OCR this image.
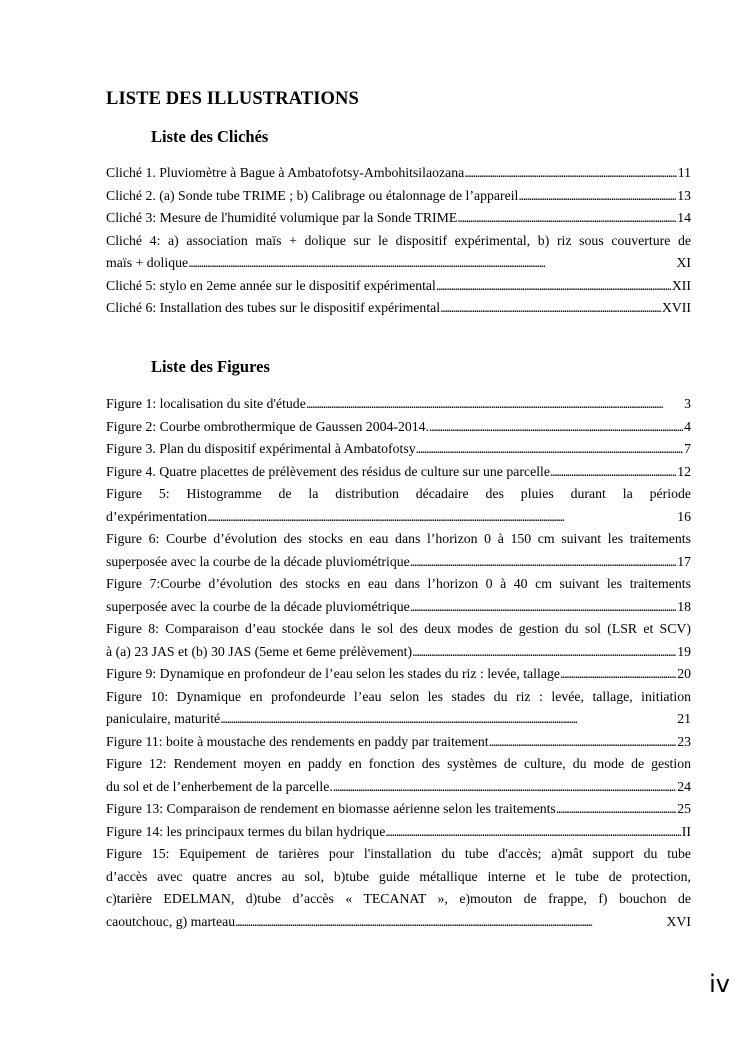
LISTE DES ILLUSTRATIONS
Liste des Clichés
Cliché 1. Pluviomètre à Bague à Ambatofotsy-Ambohitsilaozana . . .	11
Cliché 2. (a) Sonde tube TRIME ; b) Calibrage ou étalonnage de l’appareil . . .	13
Cliché 3: Mesure de l'humidité volumique par la Sonde TRIME . . .	14
Cliché 4: a) association maïs + dolique sur le dispositif expérimental, b) riz sous couverture de
maïs + dolique . . .	XI
Cliché 5: stylo en 2eme année sur le dispositif expérimental . . .	XII
Cliché 6: Installation des tubes sur le dispositif expérimental . . .	XVII
Liste des Figures
Figure 1: localisation du site d'étude . . .	3
Figure 2: Courbe ombrothermique de Gaussen 2004-2014. . . .	4
Figure 3. Plan du dispositif expérimental à Ambatofotsy . . .	7
Figure 4. Quatre placettes de prélèvement des résidus de culture sur une parcelle . . .	12
Figure 5: Histogramme de la distribution décadaire des pluies durant la période
d’expérimentation . . .	16
Figure 6: Courbe d’évolution des stocks en eau dans l’horizon 0 à 150 cm suivant les traitements
superposée avec la courbe de la décade pluviométrique . . .	17
Figure 7:Courbe d’évolution des stocks en eau dans l’horizon 0 à 40 cm suivant les traitements
superposée avec la courbe de la décade pluviométrique . . .	18
Figure 8: Comparaison d’eau stockée dans le sol des deux modes de gestion du sol (LSR et SCV)
à (a) 23 JAS et (b) 30 JAS (5eme et 6eme prélèvement) . . .	19
Figure 9: Dynamique en profondeur de l’eau selon les stades du riz : levée, tallage . . .	20
Figure 10: Dynamique en profondeurde l’eau selon les stades du riz : levée, tallage, initiation
paniculaire, maturité . . .	21
Figure 11: boite à moustache des rendements en paddy par traitement . . .	23
Figure 12: Rendement moyen en paddy en fonction des systèmes de culture, du mode de gestion
du sol et de l’enherbement de la parcelle. . . .	24
Figure 13: Comparaison de rendement en biomasse aérienne selon les traitements . . .	25
Figure 14: les principaux termes du bilan hydrique . . .	II
Figure 15: Equipement de tarières pour l'installation du tube d'accès; a)mât support du tube
d’accès avec quatre ancres au sol, b)tube guide métallique interne et le tube de protection,
c)tarière EDELMAN, d)tube d’accès « TECANAT », e)mouton de frappe, f) bouchon de
caoutchouc, g) marteau . . .	XVI
iv
